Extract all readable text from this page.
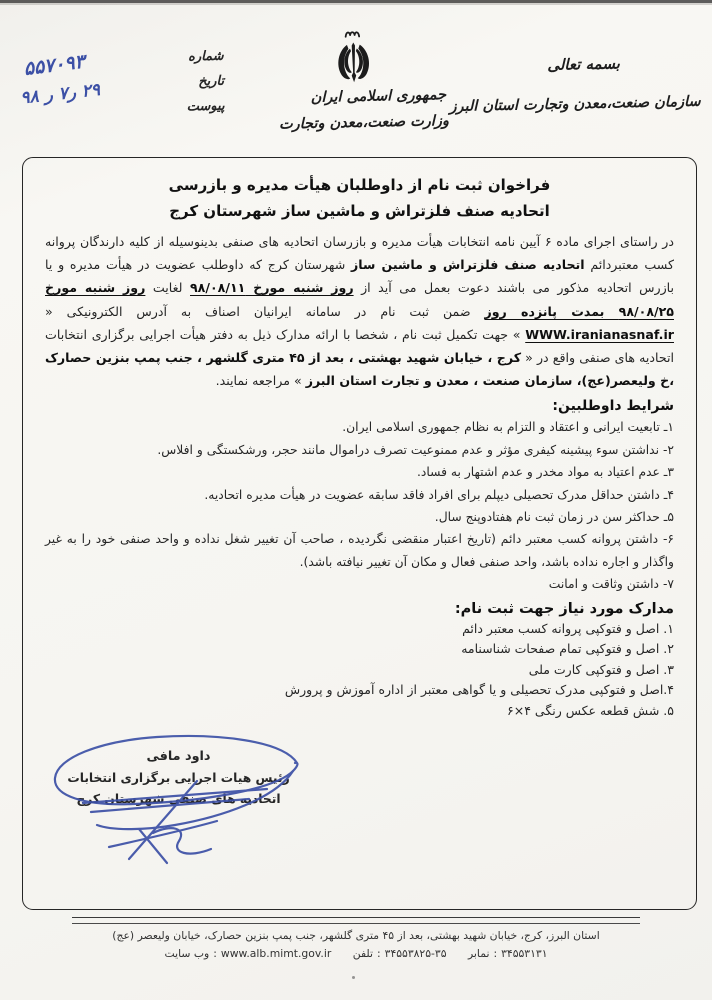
بسمه تعالی
سازمان صنعت،معدن وتجارت استان البرز
جمهوری اسلامی ایران
وزارت صنعت،معدن وتجارت
شماره
تاریخ
پیوست
۵۵۷۰۹۳
۲۹ ر۷ ر ۹۸
فراخوان ثبت نام از داوطلبان هیأت مدیره و بازرسی
اتحادیه صنف فلزتراش و ماشین ساز شهرستان کرج
در راستای اجرای ماده ۶ آیین نامه انتخابات هیأت مدیره و بازرسان اتحادیه های صنفی بدینوسیله از کلیه دارندگان پروانه کسب معتبردائم اتحادیه صنف فلزتراش و ماشین ساز شهرستان کرج که داوطلب عضویت در هیأت مدیره و یا بازرس اتحادیه مذکور می باشند دعوت بعمل می آید از روز شنبه مورخ ۹۸/۰۸/۱۱ لغایت روز شنبه مورخ ۹۸/۰۸/۲۵ بمدت پانزده روز ضمن ثبت نام در سامانه ایرانیان اصناف به آدرس الکترونیکی « WWW.iranianasnaf.ir » جهت تکمیل ثبت نام ، شخصا با ارائه مدارک ذیل به دفتر هیأت اجرایی برگزاری انتخابات اتحادیه های صنفی واقع در « کرج ، خیابان شهید بهشتی ، بعد از ۴۵ متری گلشهر ، جنب پمپ بنزین حصارک ،خ ولیعصر(عج)، سازمان صنعت ، معدن و تجارت استان البرز » مراجعه نمایند.
شرایط داوطلبین:
۱ـ تابعیت ایرانی و اعتقاد و التزام به نظام جمهوری اسلامی ایران.
۲- نداشتن سوء پیشینه کیفری مؤثر و عدم ممنوعیت تصرف دراموال مانند حجر، ورشکستگی و افلاس.
۳ـ عدم اعتیاد به مواد مخدر و عدم اشتهار به فساد.
۴ـ داشتن حداقل مدرک تحصیلی دیپلم برای افراد فاقد سابقه عضویت در هیأت مدیره اتحادیه.
۵ـ حداکثر سن در زمان ثبت نام هفتادوپنج سال.
۶- داشتن پروانه کسب معتبر دائم (تاریخ اعتبار منقضی نگردیده ، صاحب آن تغییر شغل نداده و واحد صنفی خود را به غیر واگذار و اجاره نداده باشد، واحد صنفی فعال و مکان آن تغییر نیافته باشد).
۷- داشتن وثاقت و امانت
مدارک مورد نیاز جهت ثبت نام:
۱. اصل و فتوکپی پروانه کسب معتبر دائم
۲. اصل و فتوکپی تمام صفحات شناسنامه
۳. اصل و فتوکپی کارت ملی
۴.اصل و فتوکپی مدرک تحصیلی و یا گواهی معتبر از اداره آموزش و پرورش
۵. شش قطعه عکس رنگی ۴×۶
داود مافی
رئیس هیات اجرایی برگزاری انتخابات
اتحادیه های صنفی شهرستان کرج
استان البرز، کرج، خیابان شهید بهشتی، بعد از ۴۵ متری گلشهر، جنب پمپ بنزین حصارک، خیابان ولیعصر (عج)
وب سایت : www.alb.mimt.gov.ir
تلفن : ۳۴۵۵۳۸۲۵-۳۵
نمابر : ۳۴۵۵۳۱۳۱
